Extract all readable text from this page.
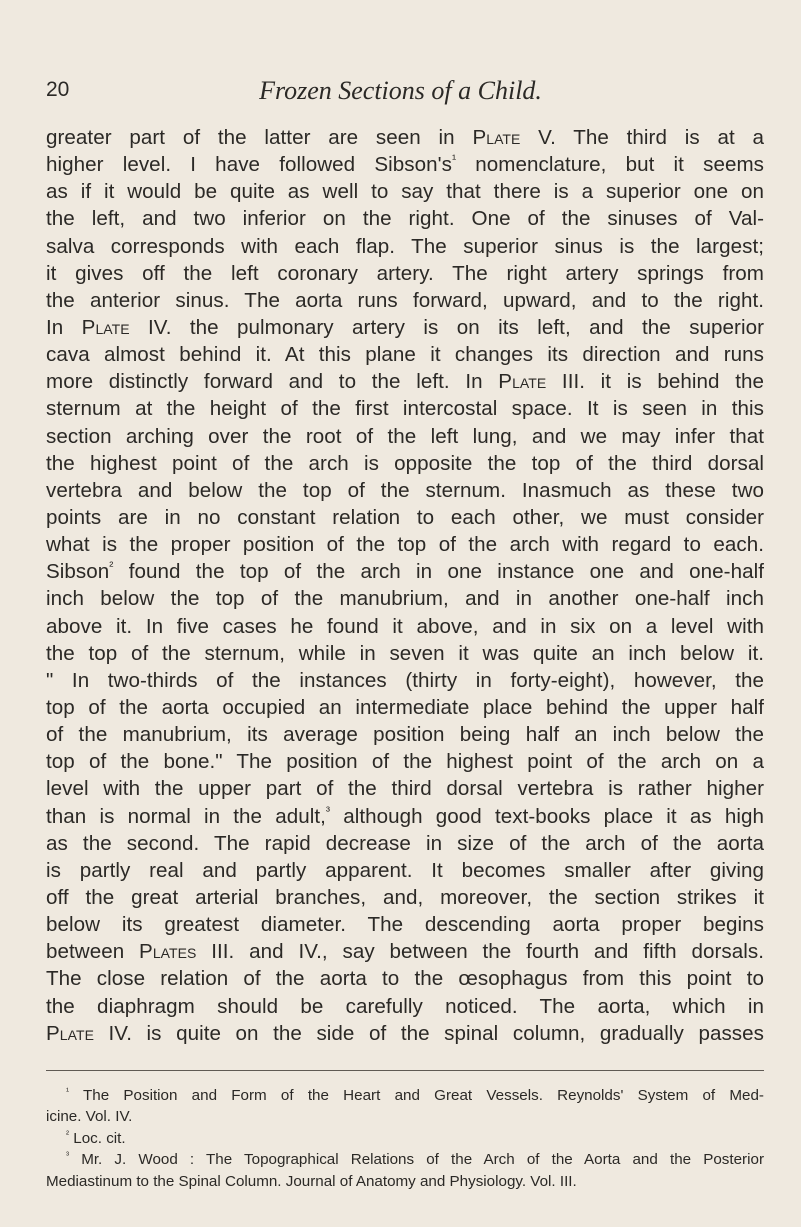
20	Frozen Sections of a Child.
greater part of the latter are seen in Plate V. The third is at a
higher level. I have followed $Sibson's^{^1}$ nomenclature, but it seems
as if it would be quite as well to say that there is a superior one on
the left, and two inferior on the right. One of the sinuses of Val-
salva corresponds with each flap. The superior sinus is the largest;
it gives off the left coronary artery. The right artery springs from
the anterior sinus. The aorta runs forward, upward, and to the right.
In Plate IV. the pulmonary artery is on its left, and the superior
cava almost behind it. At this plane it changes its direction and runs
more distinctly forward and to the left. In Plate III. it is behind the
sternum at the height of the first intercostal space. It is seen in this
section arching over the root of the left lung, and we may infer that
the highest point of the arch is opposite the top of the third dorsal
vertebra and below the top of the sternum. Inasmuch as these two
points are in no constant relation to each other, we must consider
what is the proper position of the top of the arch with regard to each.
Sibson$^{^2}$ found the top of the arch in one instance one and one-half
inch below the top of the manubrium, and in another one-half inch
above it. In five cases he found it above, and in six on a level with
the top of the sternum, while in seven it was quite an inch below it.
" In two-thirds of the instances (thirty in forty-eight), however, the
top of the aorta occupied an intermediate place behind the upper half
of the manubrium, its average position being half an inch below the
top of the bone." The position of the highest point of the arch on a
level with the upper part of the third dorsal vertebra is rather higher
than is normal in the adult,$^{^3}$ although good text-books place it as high
as the second. The rapid decrease in size of the arch of the aorta
is partly real and partly apparent. It becomes smaller after giving
off the great arterial branches, and, moreover, the section strikes it
below its greatest diameter. The descending aorta proper begins
between Plates III. and IV., say between the fourth and fifth dorsals.
The close relation of the aorta to the œsophagus from this point to
the diaphragm should be carefully noticed. The aorta, which in
Plate IV. is quite on the side of the spinal column, gradually passes
$^{^1}$ The Position and Form of the Heart and Great Vessels. Reynolds' System of Med-
icine. Vol. IV.
$^{^2}$ Loc. cit.
$^{^3}$ Mr. J. Wood : The Topographical Relations of the Arch of the Aorta and the Posterior
Mediastinum to the Spinal Column. Journal of Anatomy and Physiology. Vol. III.
